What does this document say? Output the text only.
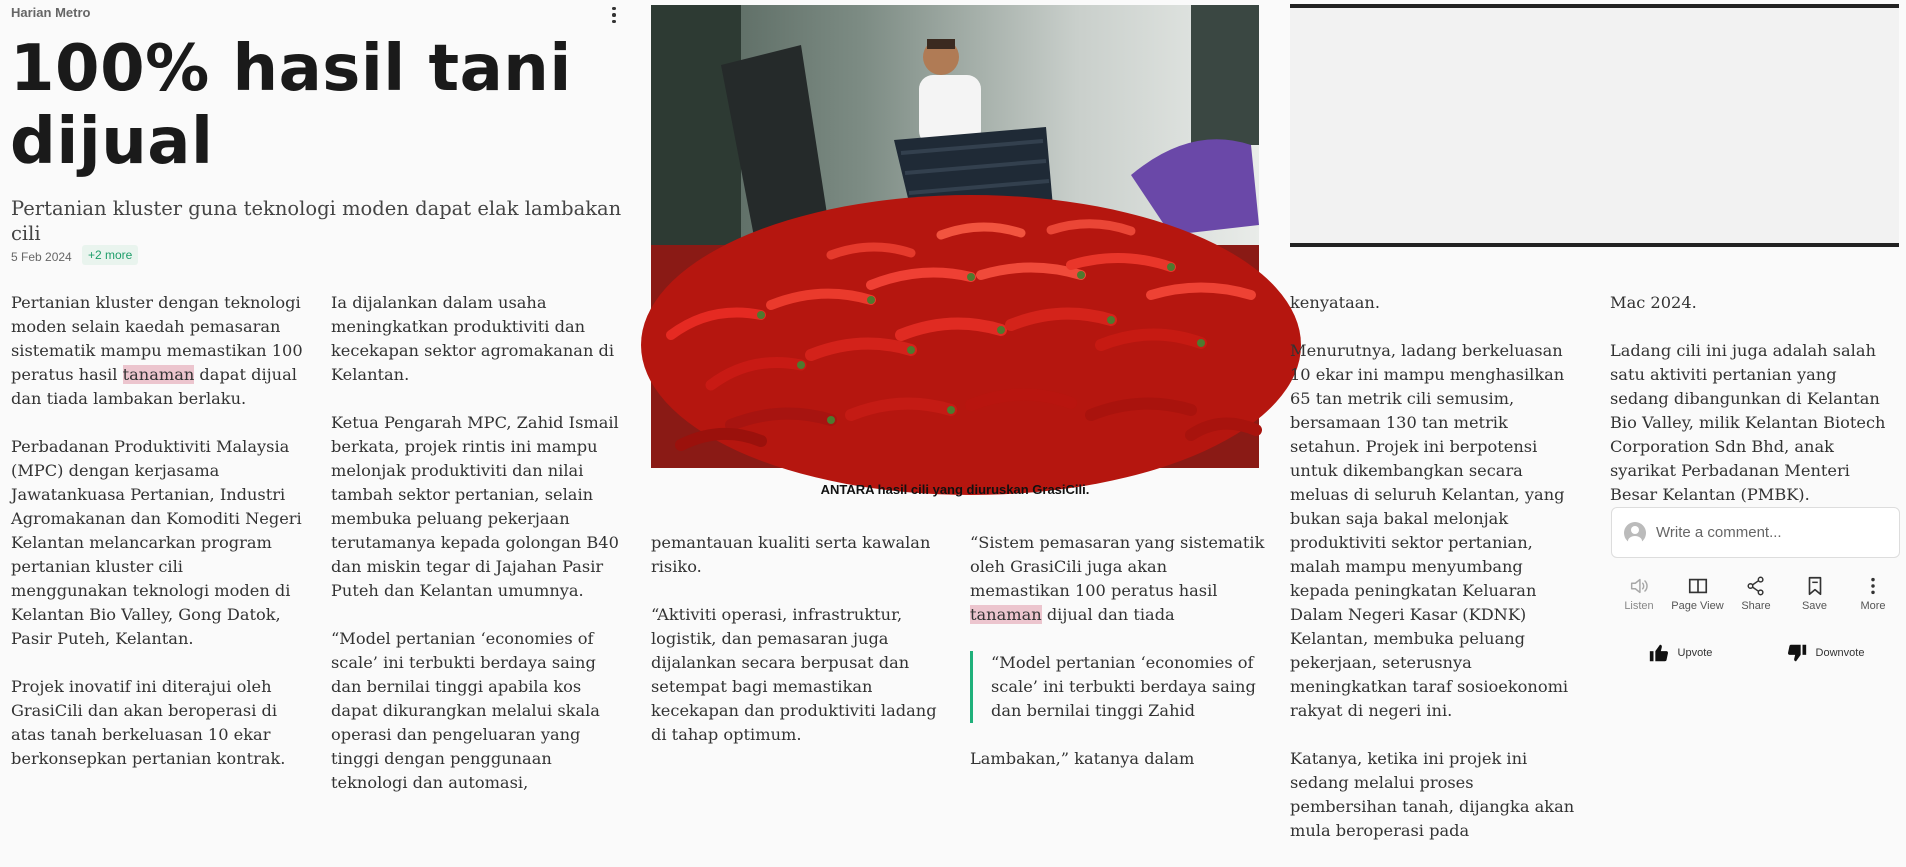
Harian Metro
100% hasil tani dijual
Pertanian kluster guna teknologi moden dapat elak lambakan cili
5 Feb 2024	+2 more

Pertanian kluster dengan teknologi moden selain kaedah pemasaran sistematik mampu memastikan 100 peratus hasil tanaman dapat dijual dan tiada lambakan berlaku.

Perbadanan Produktiviti Malaysia (MPC) dengan kerjasama Jawatankuasa Pertanian, Industri Agromakanan dan Komoditi Negeri Kelantan melancarkan program pertanian kluster cili menggunakan teknologi moden di Kelantan Bio Valley, Gong Datok, Pasir Puteh, Kelantan.

Projek inovatif ini diterajui oleh GrasiCili dan akan beroperasi di atas tanah berkeluasan 10 ekar berkonsepkan pertanian kontrak.

Ia dijalankan dalam usaha meningkatkan produktiviti dan kecekapan sektor agromakanan di Kelantan.

Ketua Pengarah MPC, Zahid Ismail berkata, projek rintis ini mampu melonjak produktiviti dan nilai tambah sektor pertanian, selain membuka peluang pekerjaan terutamanya kepada golongan B40 dan miskin tegar di Jajahan Pasir Puteh dan Kelantan umumnya.

“Model pertanian ‘economies of scale’ ini terbukti berdaya saing dan bernilai tinggi apabila kos dapat dikurangkan melalui skala operasi dan pengeluaran yang tinggi dengan penggunaan teknologi dan automasi,

ANTARA hasil cili yang diuruskan GrasiCili.

pemantauan kualiti serta kawalan risiko.

“Aktiviti operasi, infrastruktur, logistik, dan pemasaran juga dijalankan secara berpusat dan setempat bagi memastikan kecekapan dan produktiviti ladang di tahap optimum.

“Sistem pemasaran yang sistematik oleh GrasiCili juga akan memastikan 100 peratus hasil tanaman dijual dan tiada

“Model pertanian ‘economies of scale’ ini terbukti berdaya saing dan bernilai tinggi Zahid

Lambakan,” katanya dalam

kenyataan.

Menurutnya, ladang berkeluasan 10 ekar ini mampu menghasilkan 65 tan metrik cili semusim, bersamaan 130 tan metrik setahun. Projek ini berpotensi untuk dikembangkan secara meluas di seluruh Kelantan, yang bukan saja bakal melonjak produktiviti sektor pertanian, malah mampu menyumbang kepada peningkatan Keluaran Dalam Negeri Kasar (KDNK) Kelantan, membuka peluang pekerjaan, seterusnya meningkatkan taraf sosioekonomi rakyat di negeri ini.

Katanya, ketika ini projek ini sedang melalui proses pembersihan tanah, dijangka akan mula beroperasi pada

Mac 2024.

Ladang cili ini juga adalah salah satu aktiviti pertanian yang sedang dibangunkan di Kelantan Bio Valley, milik Kelantan Biotech Corporation Sdn Bhd, anak syarikat Perbadanan Menteri Besar Kelantan (PMBK).

Write a comment...
Listen Page View Share	Save	More
Upvote	Downvote
